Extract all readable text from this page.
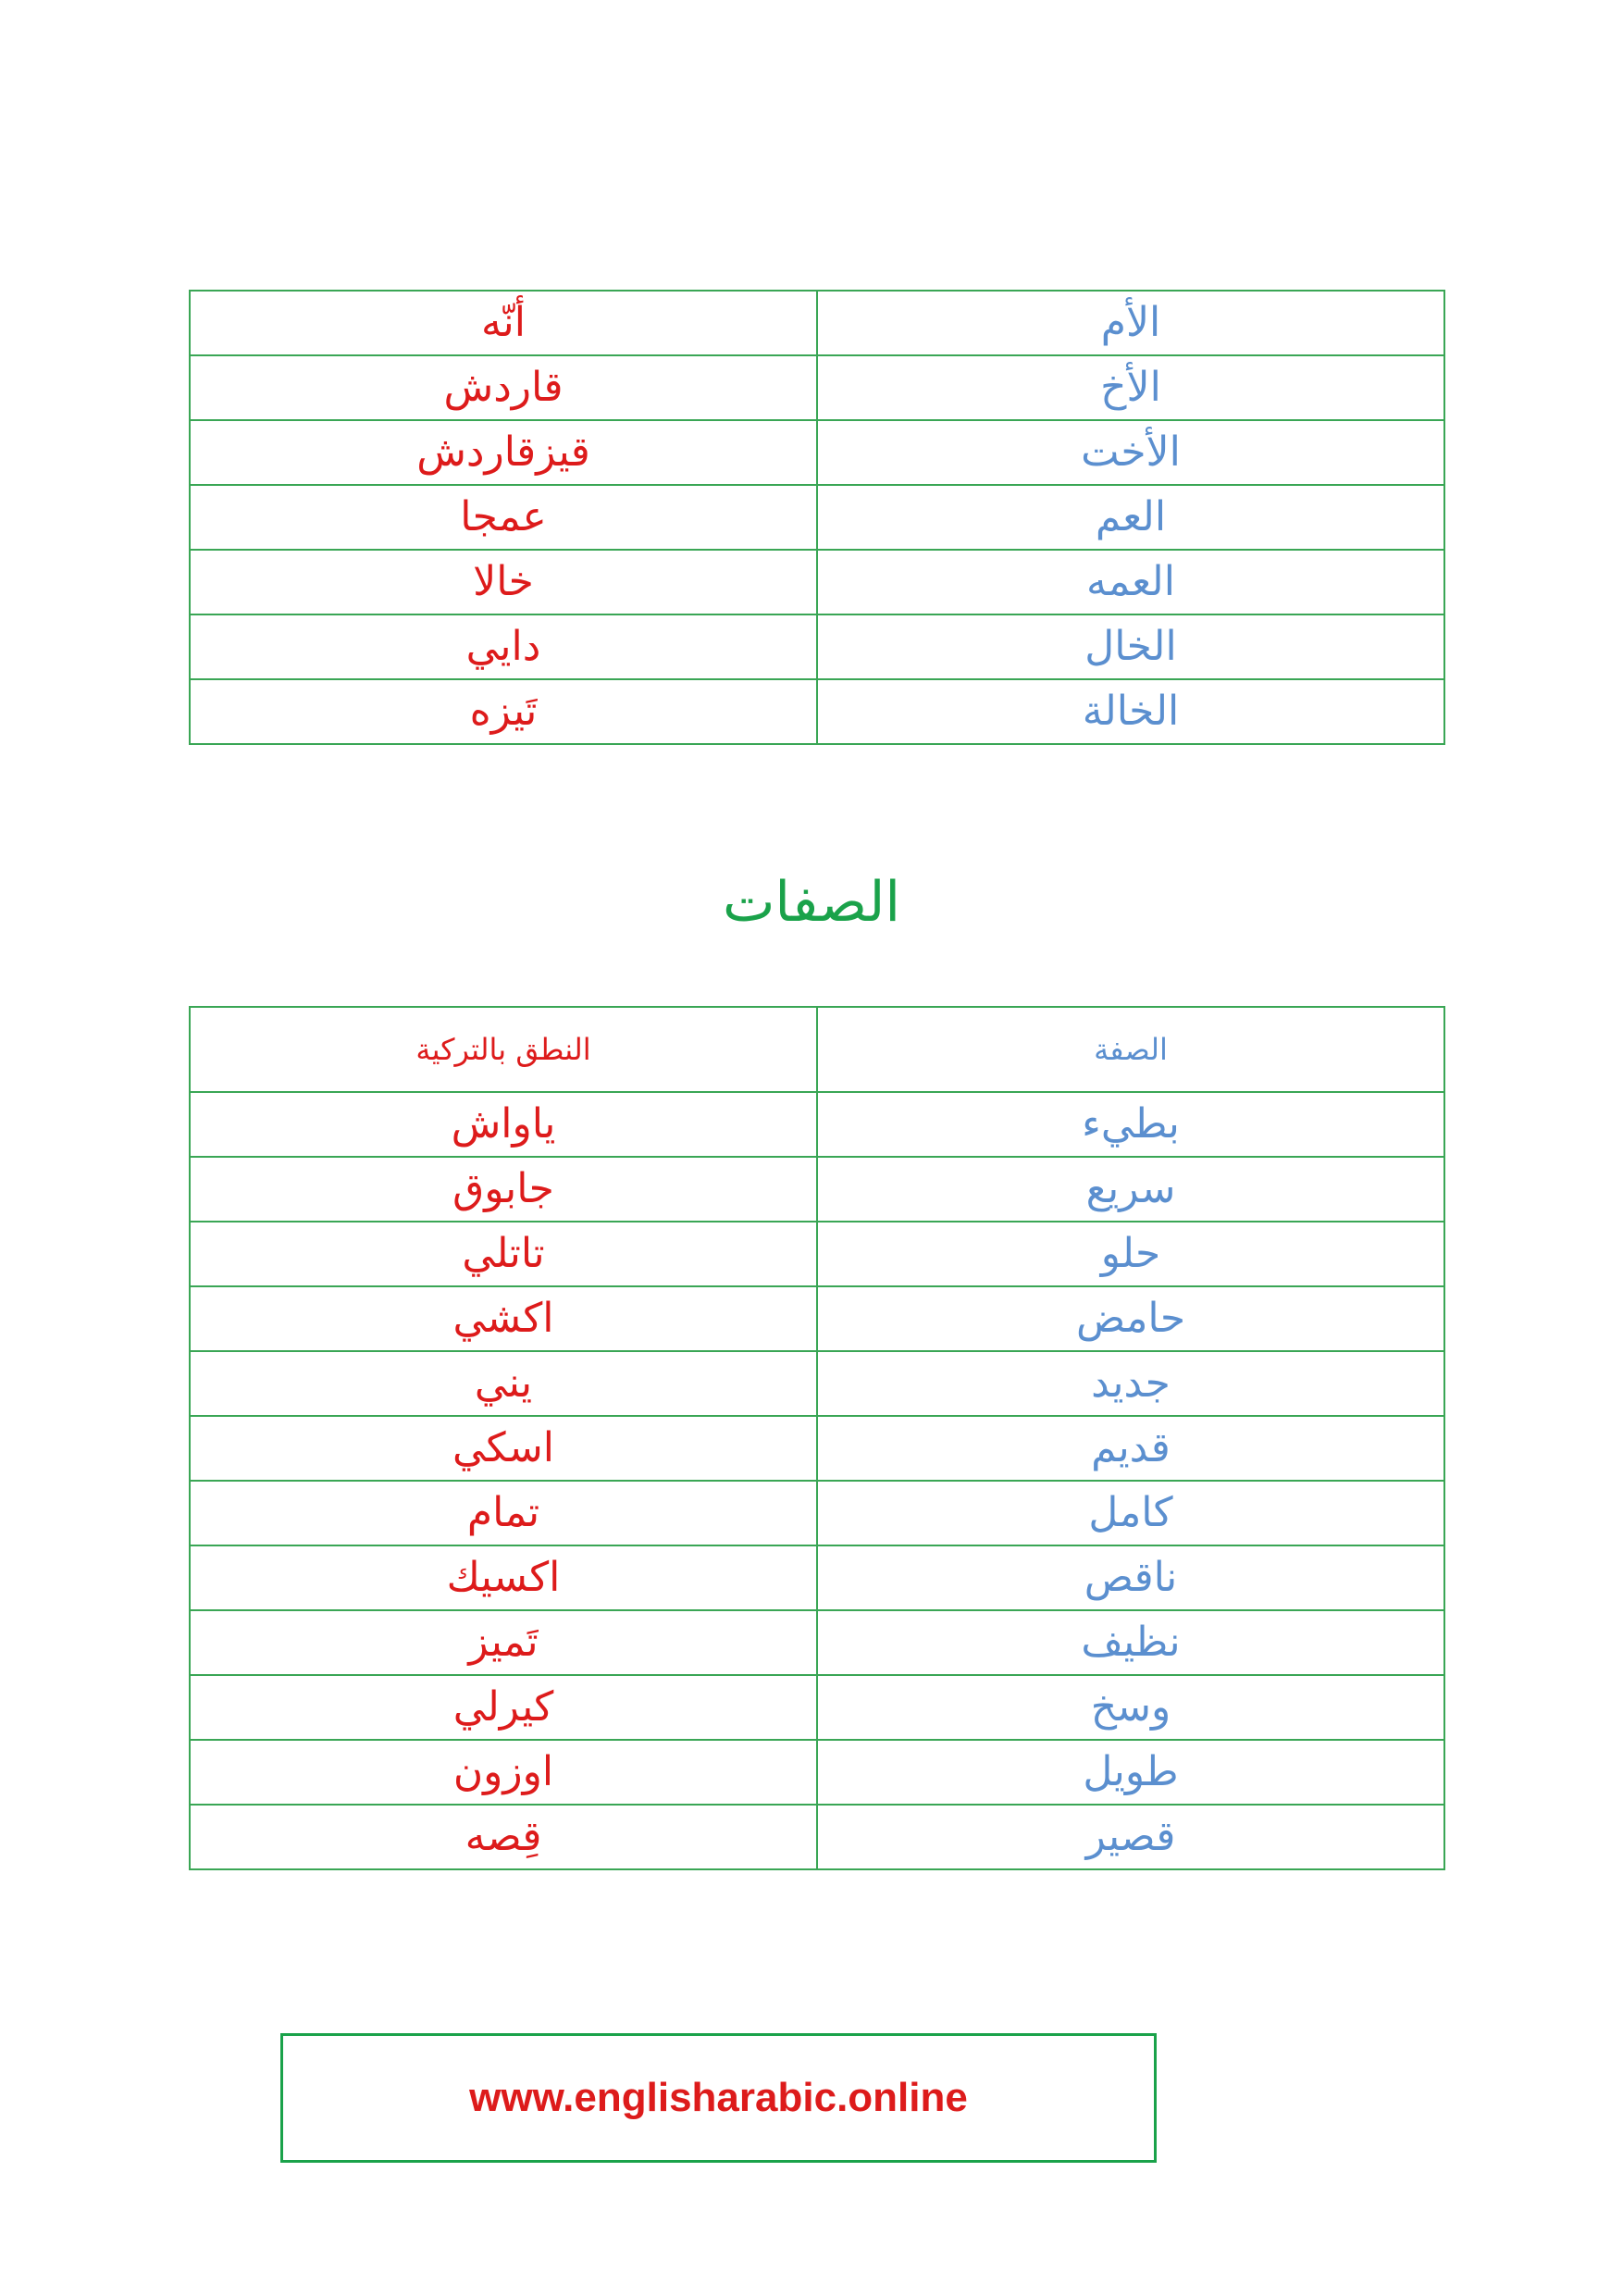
الأم	أنّه
الأخ	قاردش
الأخت	قيزقاردش
العم	عمجا
العمه	خالا
الخال	دايي
الخالة	تَيزه
الصفات
الصفة	النطق بالتركية
بطيء	ياواش
سريع	جابوق
حلو	تاتلي
حامض	اكشي
جديد	يني
قديم	اسكي
كامل	تمام
ناقص	اكسيك
نظيف	تَميز
وسخ	كيرلي
طويل	اوزون
قصير	قِصه
www.englisharabic.online
